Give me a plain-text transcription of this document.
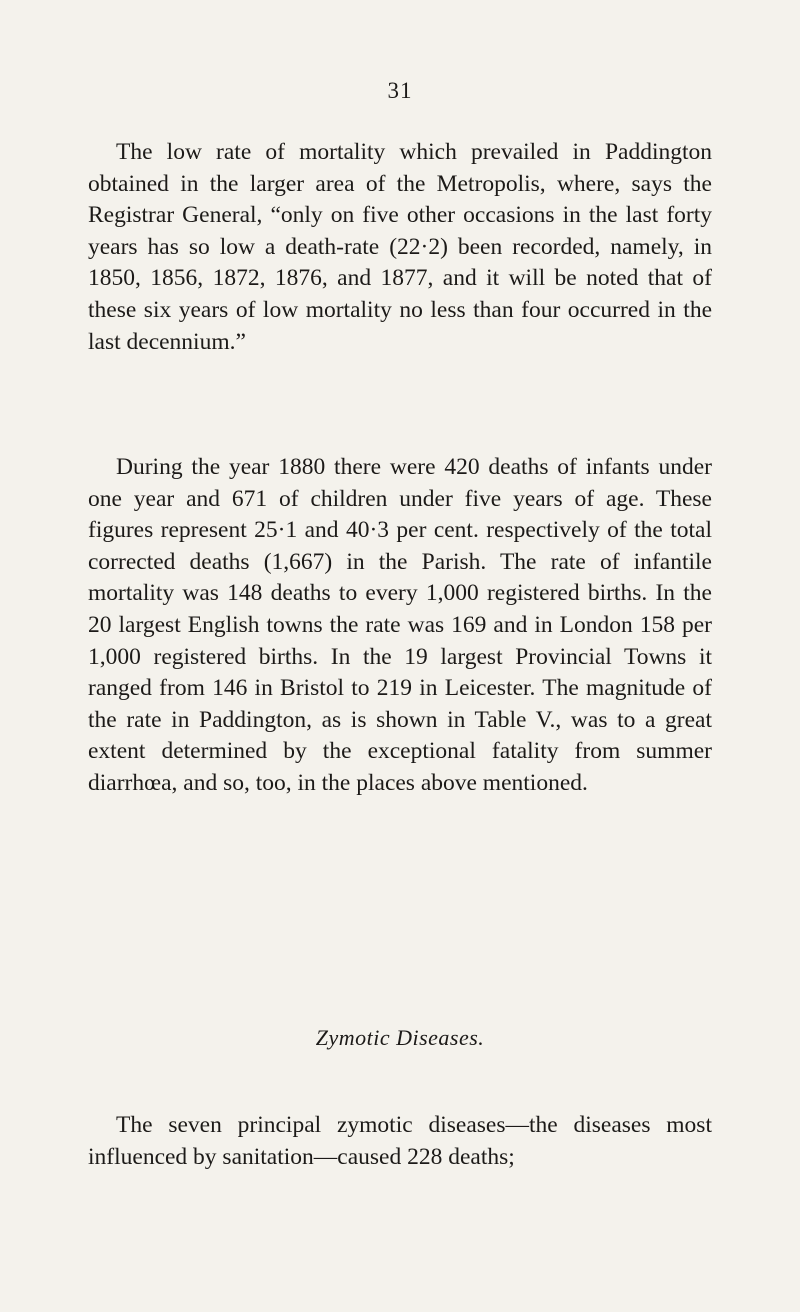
31

The low rate of mortality which prevailed in Paddington obtained in the larger area of the Metropolis, where, says the Registrar General, “only on five other occasions in the last forty years has so low a death-rate (22·2) been recorded, namely, in 1850, 1856, 1872, 1876, and 1877, and it will be noted that of these six years of low mortality no less than four occurred in the last decennium.”

During the year 1880 there were 420 deaths of infants under one year and 671 of children under five years of age. These figures represent 25·1 and 40·3 per cent. respectively of the total corrected deaths (1,667) in the Parish. The rate of infantile mortality was 148 deaths to every 1,000 registered births. In the 20 largest English towns the rate was 169 and in London 158 per 1,000 registered births. In the 19 largest Provincial Towns it ranged from 146 in Bristol to 219 in Leicester. The magnitude of the rate in Paddington, as is shown in Table V., was to a great extent determined by the exceptional fatality from summer diarrhœa, and so, too, in the places above mentioned.

Zymotic Diseases.

The seven principal zymotic diseases—the diseases most influenced by sanitation—caused 228 deaths;
